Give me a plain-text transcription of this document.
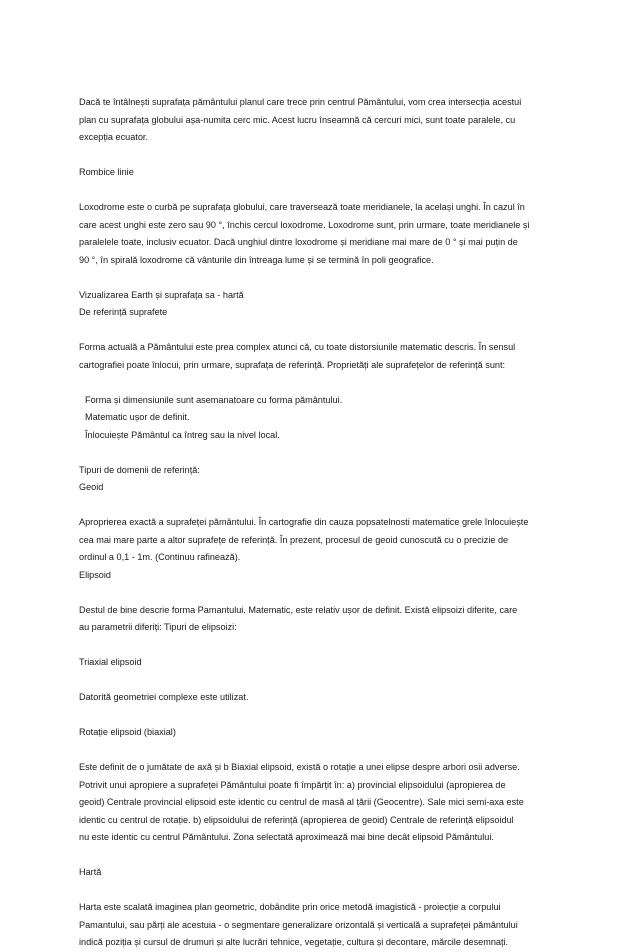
Dacă te întâlnești suprafața pământului planul care trece prin centrul Pământului, vom crea intersecția acestui
plan cu suprafața globului așa-numita cerc mic. Acest lucru înseamnă că cercuri mici, sunt toate paralele, cu
excepția ecuator.

Rombice linie

Loxodrome este o curbă pe suprafața globului, care traversează toate meridianele, la același unghi. În cazul în
care acest unghi este zero sau 90 °, închis cercul loxodrome. Loxodrome sunt, prin urmare, toate meridianele și
paralelele toate, inclusiv ecuator. Dacă unghiul dintre loxodrome și meridiane mai mare de 0 ° și mai puțin de
90 °, în spirală loxodrome că vânturile din întreaga lume și se termină în poli geografice.

Vizualizarea Earth și suprafața sa - hartă
De referință suprafete

Forma actuală a Pământului este prea complex atunci că, cu toate distorsiunile matematic descris. În sensul
cartografiei poate înlocui, prin urmare, suprafața de referință. Proprietăți ale suprafețelor de referință sunt:

Forma și dimensiunile sunt asemanatoare cu forma pământului.
Matematic ușor de definit.
Înlocuiește Pământul ca întreg sau la nivel local.

Tipuri de domenii de referință:
Geoid

Aproprierea exactă a suprafeței pământului. În cartografie din cauza popsatelnosti matematice grele înlocuiește
cea mai mare parte a altor suprafețe de referință. În prezent, procesul de geoid cunoscută cu o precizie de
ordinul a 0,1 - 1m. (Continuu rafinează).
Elipsoid

Destul de bine descrie forma Pamantului. Matematic, este relativ ușor de definit. Există elipsoizi diferite, care
au parametrii diferiți: Tipuri de elipsoizi:

Triaxial elipsoid

Datorită geometriei complexe este utilizat.

Rotație elipsoid (biaxial)

Este definit de o jumătate de axă și b Biaxial elipsoid, există o rotație a unei elipse despre arbori osii adverse.
Potrivit unui apropiere a suprafeței Pământului poate fi împărțit în: a) provincial elipsoidului (apropierea de
geoid) Centrale provincial elipsoid este identic cu centrul de masă al țării (Geocentre). Sale mici semi-axa este
identic cu centrul de rotație. b) elipsoidului de referință (apropierea de geoid) Centrale de referință elipsoidul
nu este identic cu centrul Pământului. Zona selectată aproximează mai bine decât elipsoid Pământului.

Hartă

Harta este scalată imaginea plan geometric, dobândite prin orice metodă imagistică - proiecție a corpului
Pamantului, sau părți ale acestuia - o segmentare generalizare orizontală și verticală a suprafeței pământului
indică poziția și cursul de drumuri și alte lucrări tehnice, vegetație, cultura și decontare, mărcile desemnați.
